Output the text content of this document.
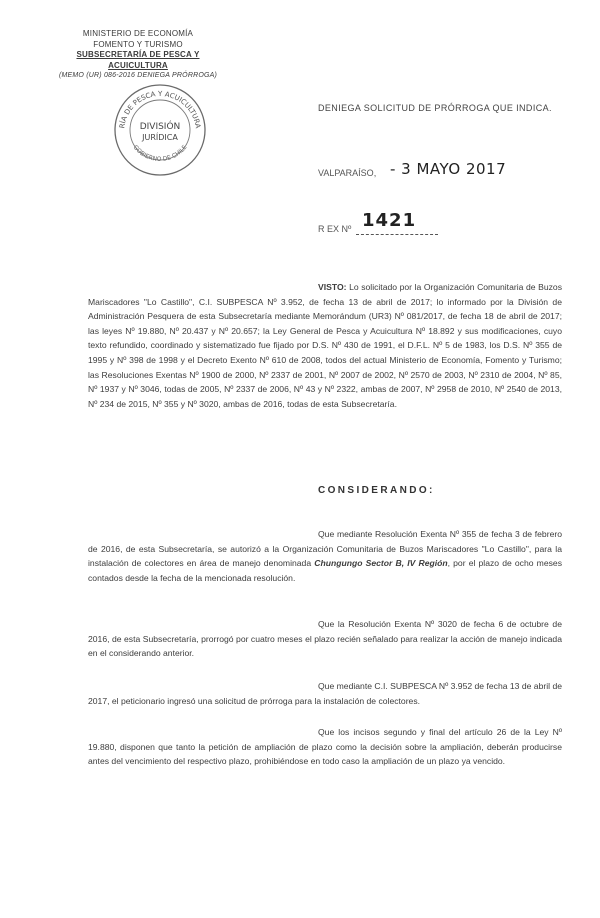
MINISTERIO DE ECONOMÍA
FOMENTO Y TURISMO
SUBSECRETARÍA DE PESCA Y ACUICULTURA
(MEMO (UR) 086-2016 DENIEGA PRÓRROGA)
RÍA DE PESCA Y ACUICULTURA
GOBIERNO DE CHILE
DIVISIÓN
JURÍDICA
DENIEGA SOLICITUD DE PRÓRROGA QUE INDICA.
VALPARAÍSO, - 3 MAYO 2017
R EX Nº 1421
VISTO: Lo solicitado por la Organización Comunitaria de Buzos Mariscadores "Lo Castillo", C.I. SUBPESCA Nº 3.952, de fecha 13 de abril de 2017; lo informado por la División de Administración Pesquera de esta Subsecretaría mediante Memorándum (UR3) Nº 081/2017, de fecha 18 de abril de 2017; las leyes Nº 19.880, Nº 20.437 y Nº 20.657; la Ley General de Pesca y Acuicultura Nº 18.892 y sus modificaciones, cuyo texto refundido, coordinado y sistematizado fue fijado por D.S. Nº 430 de 1991, el D.F.L. Nº 5 de 1983, los D.S. Nº 355 de 1995 y Nº 398 de 1998 y el Decreto Exento Nº 610 de 2008, todos del actual Ministerio de Economía, Fomento y Turismo; las Resoluciones Exentas Nº 1900 de 2000, Nº 2337 de 2001, Nº 2007 de 2002, Nº 2570 de 2003, Nº 2310 de 2004, Nº 85, Nº 1937 y Nº 3046, todas de 2005, Nº 2337 de 2006, Nº 43 y Nº 2322, ambas de 2007, Nº 2958 de 2010, Nº 2540 de 2013, Nº 234 de 2015, Nº 355 y Nº 3020, ambas de 2016, todas de esta Subsecretaría.
CONSIDERANDO:
Que mediante Resolución Exenta Nº 355 de fecha 3 de febrero de 2016, de esta Subsecretaría, se autorizó a la Organización Comunitaria de Buzos Mariscadores "Lo Castillo", para la instalación de colectores en área de manejo denominada Chungungo Sector B, IV Región, por el plazo de ocho meses contados desde la fecha de la mencionada resolución.
Que la Resolución Exenta Nº 3020 de fecha 6 de octubre de 2016, de esta Subsecretaría, prorrogó por cuatro meses el plazo recién señalado para realizar la acción de manejo indicada en el considerando anterior.
Que mediante C.I. SUBPESCA Nº 3.952 de fecha 13 de abril de 2017, el peticionario ingresó una solicitud de prórroga para la instalación de colectores.
Que los incisos segundo y final del artículo 26 de la Ley Nº 19.880, disponen que tanto la petición de ampliación de plazo como la decisión sobre la ampliación, deberán producirse antes del vencimiento del respectivo plazo, prohibiéndose en todo caso la ampliación de un plazo ya vencido.
